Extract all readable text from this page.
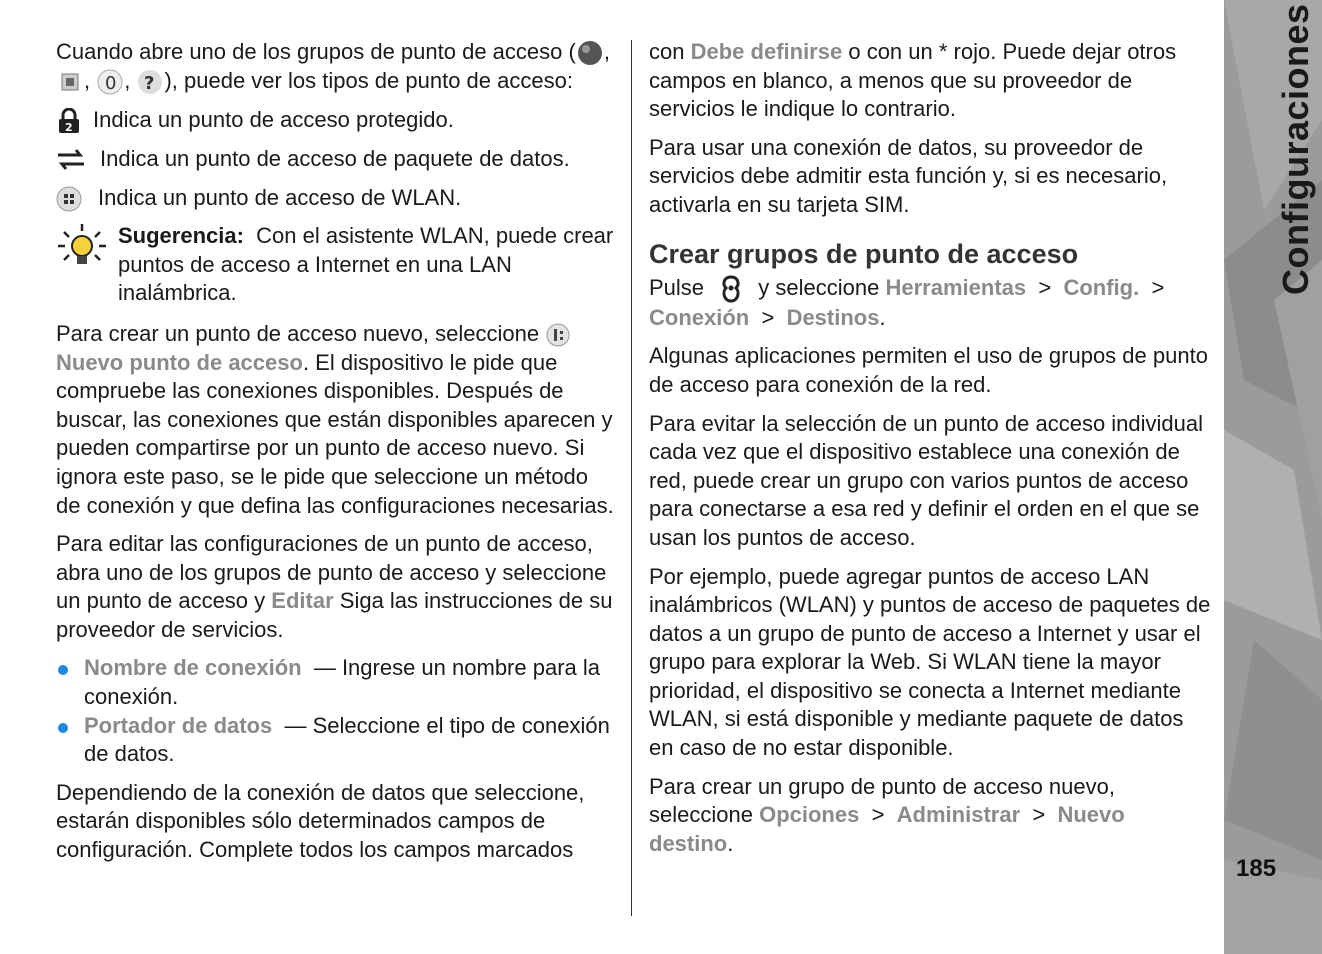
Configuraciones
185

Cuando abre uno de los grupos de punto de acceso ( , , 0 , ? ), puede ver los tipos de punto de acceso:

2 Indica un punto de acceso protegido.
Indica un punto de acceso de paquete de datos.
Indica un punto de acceso de WLAN.
Sugerencia: Con el asistente WLAN, puede crear puntos de acceso a Internet en una LAN inalámbrica.

Para crear un punto de acceso nuevo, seleccione  Nuevo punto de acceso. El dispositivo le pide que compruebe las conexiones disponibles. Después de buscar, las conexiones que están disponibles aparecen y pueden compartirse por un punto de acceso nuevo. Si ignora este paso, se le pide que seleccione un método de conexión y que defina las configuraciones necesarias.

Para editar las configuraciones de un punto de acceso, abra uno de los grupos de punto de acceso y seleccione un punto de acceso y Editar Siga las instrucciones de su proveedor de servicios.

Nombre de conexión  — Ingrese un nombre para la conexión.
Portador de datos  — Seleccione el tipo de conexión de datos.

Dependiendo de la conexión de datos que seleccione, estarán disponibles sólo determinados campos de configuración. Complete todos los campos marcados

con Debe definirse o con un * rojo. Puede dejar otros campos en blanco, a menos que su proveedor de servicios le indique lo contrario.

Para usar una conexión de datos, su proveedor de servicios debe admitir esta función y, si es necesario, activarla en su tarjeta SIM.

Crear grupos de punto de acceso

Pulse y seleccione Herramientas > Config. >  Conexión > Destinos.

Algunas aplicaciones permiten el uso de grupos de punto de acceso para conexión de la red.

Para evitar la selección de un punto de acceso individual cada vez que el dispositivo establece una conexión de red, puede crear un grupo con varios puntos de acceso para conectarse a esa red y definir el orden en el que se usan los puntos de acceso.

Por ejemplo, puede agregar puntos de acceso LAN inalámbricos (WLAN) y puntos de acceso de paquetes de datos a un grupo de punto de acceso a Internet y usar el grupo para explorar la Web. Si WLAN tiene la mayor prioridad, el dispositivo se conecta a Internet mediante WLAN, si está disponible y mediante paquete de datos en caso de no estar disponible.

Para crear un grupo de punto de acceso nuevo, seleccione Opciones > Administrar > Nuevo destino.
